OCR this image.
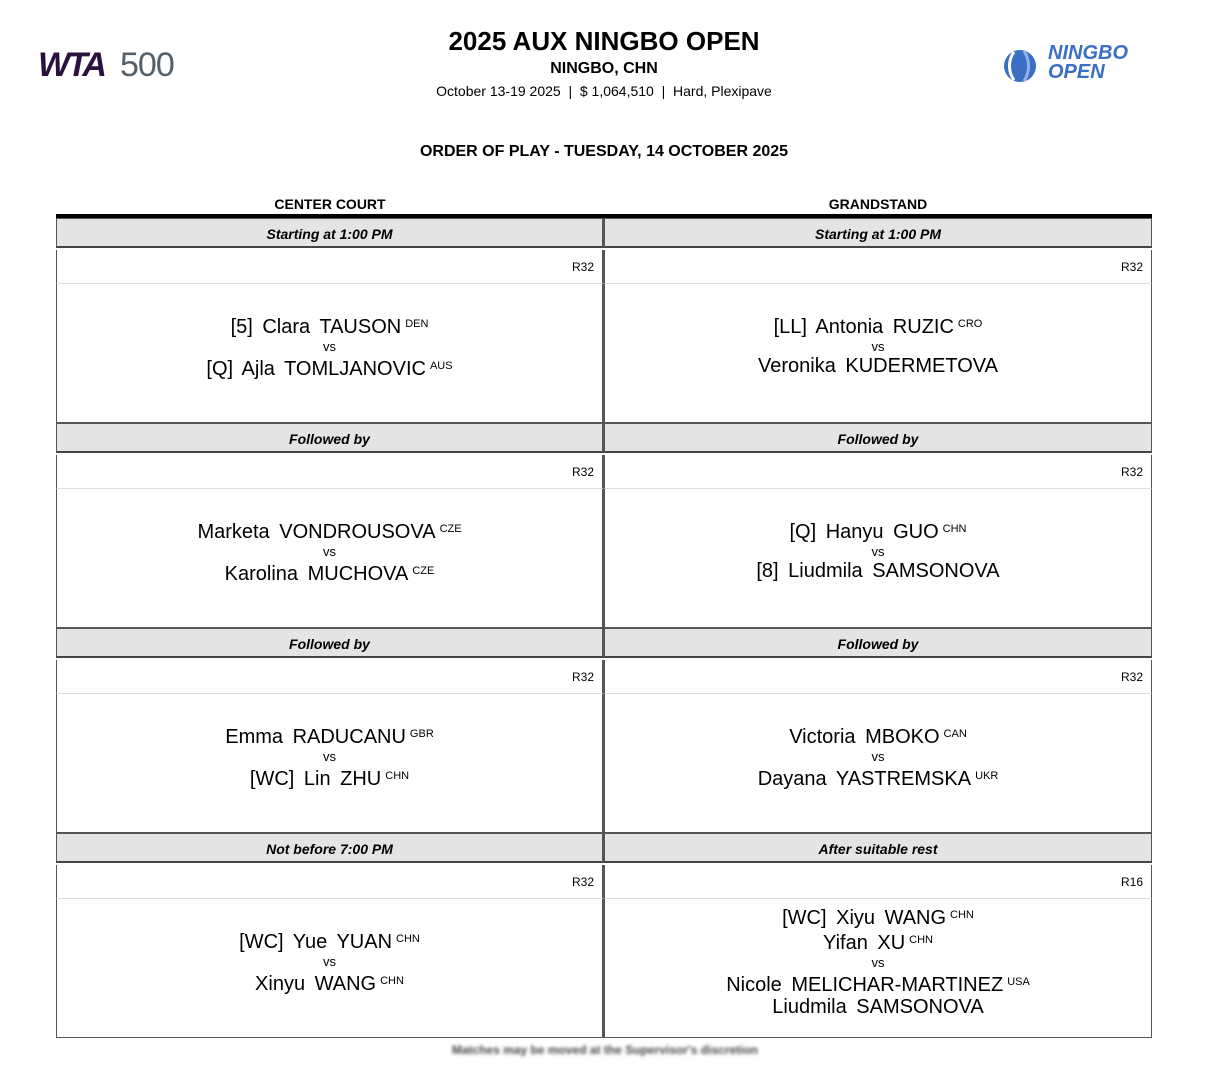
WTA 500	NINGBO
OPEN
2025 AUX NINGBO OPEN
NINGBO, CHN
October 13-19 2025  |  $ 1,064,510  |  Hard, Plexipave
ORDER OF PLAY - TUESDAY, 14 OCTOBER 2025
CENTER COURT	GRANDSTAND
Starting at 1:00 PM
R32
[5] Clara TAUSON $^{DEN}$
vs
[Q] Ajla TOMLJANOVIC $^{AUS}$
Followed by
R32
Marketa VONDROUSOVA $^{CZE}$
vs
Karolina MUCHOVA $^{CZE}$
Followed by
R32
Emma RADUCANU $^{GBR}$
vs
[WC] Lin ZHU $^{CHN}$
Not before 7:00 PM
R32
[WC] Yue YUAN $^{CHN}$
vs
Xinyu WANG $^{CHN}$
Starting at 1:00 PM
R32
[LL] Antonia RUZIC $^{CRO}$
vs
Veronika KUDERMETOVA
Followed by
R32
[Q] Hanyu GUO $^{CHN}$
vs
[8] Liudmila SAMSONOVA
Followed by
R32
Victoria MBOKO $^{CAN}$
vs
Dayana YASTREMSKA $^{UKR}$
After suitable rest
R16
[WC] Xiyu WANG $^{CHN}$
Yifan XU $^{CHN}$
vs
Nicole MELICHAR-MARTINEZ $^{USA}$
Liudmila SAMSONOVA
Matches may be moved at the Supervisor's discretion
